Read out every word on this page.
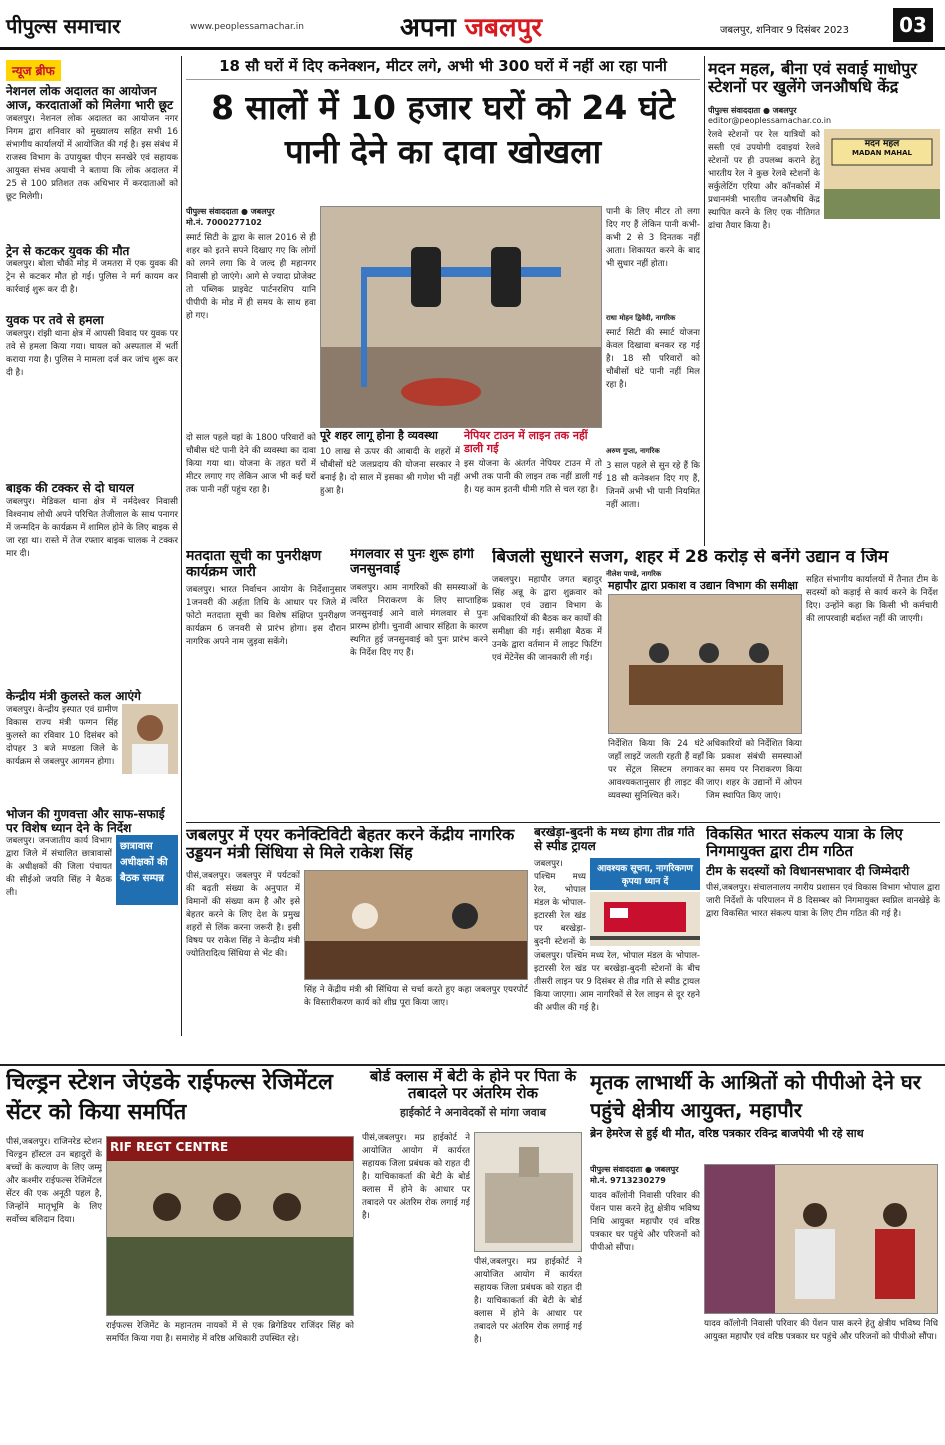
पीपुल्स समाचार	www.peoplessamachar.in	अपना जबलपुर	जबलपुर, शनिवार 9 दिसंबर 2023	03
न्यूज ब्रीफ
नेशनल लोक अदालत का आयोजन आज, करदाताओं को मिलेगा भारी छूट
जबलपुर। नेशनल लोक अदालत का आयोजन नगर निगम द्वारा शनिवार को मुख्यालय सहित सभी 16 संभागीय कार्यालयों में आयोजित की गई है। इस संबंध में राजस्व विभाग के उपायुक्त पीएन सनखेरे एवं सहायक आयुक्त संभव अयाची ने बताया कि लोक अदालत में 25 से 100 प्रतिशत तक अधिभार में करदाताओं को छूट मिलेगी।
ट्रेन से कटकर युवक की मौत
जबलपुर। बोला चौकी मोड़ में जमतरा में एक युवक की ट्रेन से कटकर मौत हो गई। पुलिस ने मर्ग कायम कर कार्रवाई शुरू कर दी है।
युवक पर तवे से हमला
जबलपुर। रांझी थाना क्षेत्र में आपसी विवाद पर युवक पर तवे से हमला किया गया। घायल को अस्पताल में भर्ती कराया गया है। पुलिस ने मामला दर्ज कर जांच शुरू कर दी है।
बाइक की टक्कर से दो घायल
जबलपुर। मेडिकल थाना क्षेत्र में नर्मदेश्वर निवासी विश्वनाथ लोधी अपने परिचित तेजीलाल के साथ पनागर में जन्मदिन के कार्यक्रम में शामिल होने के लिए बाइक से जा रहा था। रास्ते में तेज रफ्तार बाइक चालक ने टक्कर मार दी।
केन्द्रीय मंत्री कुलस्ते कल आएंगे
जबलपुर। केन्द्रीय इस्पात एवं ग्रामीण विकास राज्य मंत्री फग्गन सिंह कुलस्ते का रविवार 10 दिसंबर को दोपहर 3 बजे मण्डला जिले के कार्यक्रम से जबलपुर आगमन होगा।
भोजन की गुणवत्ता और साफ-सफाई पर विशेष ध्यान देने के निर्देश
जबलपुर। जनजातीय कार्य विभाग द्वारा जिले में संचालित छात्रावासों के अधीक्षकों की जिला पंचायत की सीईओ जयति सिंह ने बैठक ली।
छात्रावास अधीक्षकों की बैठक सम्पन्न
18 सौ घरों में दिए कनेक्शन, मीटर लगे, अभी भी 300 घरों में नहीं आ रहा पानी
8 सालों में 10 हजार घरों को 24 घंटे पानी देने का दावा खोखला
पीपुल्स संवाददाता ● जबलपुर
मो.नं. 7000277102
स्मार्ट सिटी के द्वारा के साल 2016 से ही शहर को इतने सपने दिखाए गए कि लोगों को लगने लगा कि वे जल्द ही महानगर निवासी हो जाएंगे। आगे से ज्यादा प्रोजेक्ट तो पब्लिक प्राइवेट पार्टनरशिप यानि पीपीपी के मोड में ही समय के साथ हवा हो गए।
दो साल पहले यहां के 1800 परिवारों को चौबीस घंटे पानी देने की व्यवस्था का दावा किया गया था। योजना के तहत घरों में मीटर लगाए गए लेकिन आज भी कई घरों तक पानी नहीं पहुंच रहा है।
पूरे शहर लागू होना है व्यवस्था
10 लाख से ऊपर की आबादी के शहरों में चौबीसों घंटे जलप्रदाय की योजना सरकार ने बनाई है। दो साल में इसका श्री गणेश भी नहीं हुआ है।
नेपियर टाउन में लाइन तक नहीं डाली गई
इस योजना के अंतर्गत नेपियर टाउन में तो अभी तक पानी की लाइन तक नहीं डाली गई है। यह काम इतनी धीमी गति से चल रहा है।
पानी के लिए मीटर तो लगा दिए गए हैं लेकिन पानी कभी-कभी 2 से 3 दिनतक नहीं आता। शिकायत करने के बाद भी सुधार नहीं होता।
राधा मोहन द्विवेदी, नागरिक
स्मार्ट सिटी की स्मार्ट योजना केवल दिखावा बनकर रह गई है। 18 सौ परिवारों को चौबीसों घंटे पानी नहीं मिल रहा है।
अरुण गुप्ता, नागरिक
3 साल पहले से सुन रहे हैं कि 18 सौ कनेक्शन दिए गए हैं, जिनमें अभी भी पानी नियमित नहीं आता।
नीलेश पाण्डे, नागरिक
मदन महल, बीना एवं सवाई माधोपुर स्टेशनों पर खुलेंगे जनऔषधि केंद्र
पीपुल्स संवाददाता ● जबलपुर
editor@peoplessamachar.co.in
रेलवे स्टेशनों पर रेल यात्रियों को सस्ती एवं उपयोगी दवाइयां रेलवे स्टेशनों पर ही उपलब्ध कराने हेतु भारतीय रेल ने कुछ रेलवे स्टेशनों के सर्कुलेटिंग एरिया और कॉनकोर्स में प्रधानमंत्री भारतीय जनऔषधि केंद्र स्थापित करने के लिए एक नीतिगत ढांचा तैयार किया है।
मदन महल
MADAN MAHAL
मतदाता सूची का पुनरीक्षण कार्यक्रम जारी
जबलपुर। भारत निर्वाचन आयोग के निर्देशानुसार 1जनवरी की अर्हता तिथि के आधार पर जिले में फोटो मतदाता सूची का विशेष संक्षिप्त पुनरीक्षण कार्यक्रम 6 जनवरी से प्रारंभ होगा। इस दौरान नागरिक अपने नाम जुड़वा सकेंगे।
मंगलवार से पुनः शुरू होगी जनसुनवाई
जबलपुर। आम नागरिकों की समस्याओं के त्वरित निराकरण के लिए साप्ताहिक जनसुनवाई आने वाले मंगलवार से पुनः प्रारम्भ होगी। चुनावी आचार संहिता के कारण स्थगित हुई जनसुनवाई को पुनः प्रारंभ करने के निर्देश दिए गए हैं।
बिजली सुधारने सजग, शहर में 28 करोड़ से बनेंगे उद्यान व जिम
जबलपुर। महापौर जगत बहादुर सिंह अन्नू के द्वारा शुक्रवार को प्रकाश एवं उद्यान विभाग के अधिकारियों की बैठक कर कार्यों की समीक्षा की गई। समीक्षा बैठक में उनके द्वारा वर्तमान में लाइट फिटिंग एवं मेंटेनेंस की जानकारी ली गई।
महापौर द्वारा प्रकाश व उद्यान विभाग की समीक्षा
निर्देशित किया कि 24 घंटे जहाँ लाइटें जलती रहती हैं वहाँ पर सेंट्रल सिस्टम लगाकर आवश्यकतानुसार ही लाइट की व्यवस्था सुनिश्चित करें।
अधिकारियों को निर्देशित किया कि प्रकाश संबंधी समस्याओं का समय पर निराकरण किया जाए। शहर के उद्यानों में ओपन जिम स्थापित किए जाएं।
सहित संभागीय कार्यालयों में तैनात टीम के सदस्यों को कड़ाई से कार्य करने के निर्देश दिए। उन्होंने कहा कि किसी भी कर्मचारी की लापरवाही बर्दाश्त नहीं की जाएगी।
जबलपुर में एयर कनेक्टिविटी बेहतर करने केंद्रीय नागरिक उड्डयन मंत्री सिंधिया से मिले राकेश सिंह
पीसं,जबलपुर। जबलपुर में पर्यटकों की बढ़ती संख्या के अनुपात में विमानों की संख्या कम है और इसे बेहतर करने के लिए देश के प्रमुख शहरों से लिंक करना जरूरी है। इसी विषय पर राकेश सिंह ने केन्द्रीय मंत्री ज्योतिरादित्य सिंधिया से भेंट की।
सिंह ने केंद्रीय मंत्री श्री सिंधिया से चर्चा करते हुए कहा जबलपुर एयरपोर्ट के विस्तारीकरण कार्य को शीघ्र पूरा किया जाए।
बरखेड़ा-बुदनी के मध्य होगा तीव्र गति से स्पीड ट्रायल
आवश्यक सूचना, नागरिकगण कृपया ध्यान दें
जबलपुर। पश्चिम मध्य रेल, भोपाल मंडल के भोपाल-इटारसी रेल खंड पर बरखेड़ा-बुदनी स्टेशनों के
जबलपुर। पश्चिम मध्य रेल, भोपाल मंडल के भोपाल-इटारसी रेल खंड पर बरखेड़ा-बुदनी स्टेशनों के बीच तीसरी लाइन पर 9 दिसंबर से तीव्र गति से स्पीड ट्रायल किया जाएगा। आम नागरिकों से रेल लाइन से दूर रहने की अपील की गई है।
विकसित भारत संकल्प यात्रा के लिए निगमायुक्त द्वारा टीम गठित
टीम के सदस्यों को विधानसभावार दी जिम्मेदारी
पीसं,जबलपुर। संचालनालय नगरीय प्रशासन एवं विकास विभाग भोपाल द्वारा जारी निर्देशों के परिपालन में 8 दिसम्बर को निगमायुक्त स्वप्निल वानखेड़े के द्वारा विकसित भारत संकल्प यात्रा के लिए टीम गठित की गई है।
चिल्ड्रन स्टेशन जेएंडके राईफल्स रेजिमेंटल सेंटर को किया समर्पित
पीसं,जबलपुर। राजिनरेड स्टेशन चिल्ड्रन हॉस्टल उन बहादुरों के बच्चों के कल्याण के लिए जम्मू और कश्मीर राईफल्स रेजिमेंटल सेंटर की एक अनूठी पहल है, जिन्होंने मातृभूमि के लिए सर्वोच्च बलिदान दिया।
RIF REGT CENTRE
राईफल्स रेजिमेंट के महानतम नायकों में से एक ब्रिगेडियर राजिंदर सिंह को समर्पित किया गया है। समारोह में वरिष्ठ अधिकारी उपस्थित रहे।
बोर्ड क्लास में बेटी के होने पर पिता के तबादले पर अंतरिम रोक
हाईकोर्ट ने अनावेदकों से मांगा जवाब
पीसं,जबलपुर। मप्र हाईकोर्ट ने आयोजित आयोग में कार्यरत सहायक जिला प्रबंधक को राहत दी है। याचिकाकर्ता की बेटी के बोर्ड क्लास में होने के आधार पर तबादले पर अंतरिम रोक लगाई गई है।
पीसं,जबलपुर। मप्र हाईकोर्ट ने आयोजित आयोग में कार्यरत सहायक जिला प्रबंधक को राहत दी है। याचिकाकर्ता की बेटी के बोर्ड क्लास में होने के आधार पर तबादले पर अंतरिम रोक लगाई गई है।
मृतक लाभार्थी के आश्रितों को पीपीओ देने घर पहुंचे क्षेत्रीय आयुक्त, महापौर
ब्रेन हेमरेज से हुई थी मौत, वरिष्ठ पत्रकार रविन्द्र बाजपेयी भी रहे साथ
पीपुल्स संवाददाता ● जबलपुर
मो.नं. 9713230279
यादव कॉलोनी निवासी परिवार की पेंशन पास करने हेतु क्षेत्रीय भविष्य निधि आयुक्त महापौर एवं वरिष्ठ पत्रकार घर पहुंचे और परिजनों को पीपीओ सौंपा।
यादव कॉलोनी निवासी परिवार की पेंशन पास करने हेतु क्षेत्रीय भविष्य निधि आयुक्त महापौर एवं वरिष्ठ पत्रकार घर पहुंचे और परिजनों को पीपीओ सौंपा।
